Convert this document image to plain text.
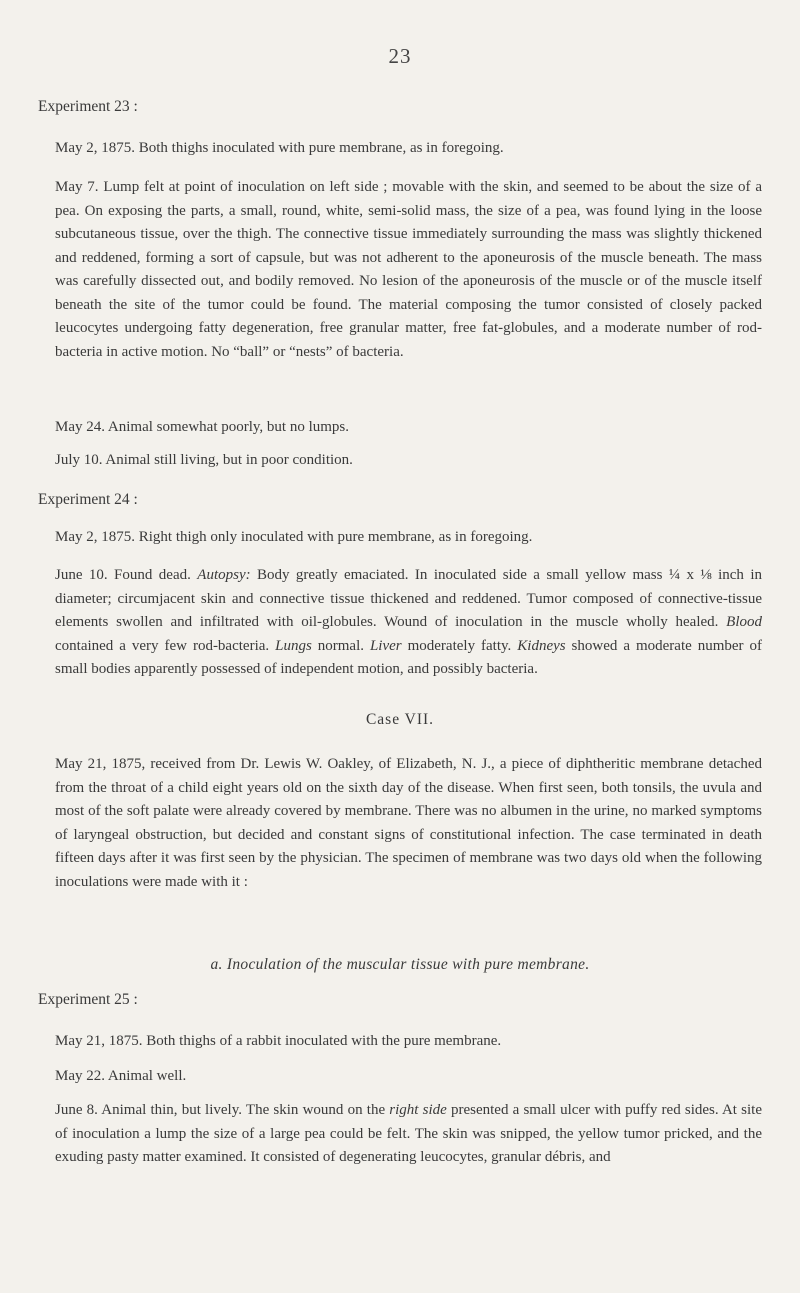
23
Experiment 23 :

May 2, 1875. Both thighs inoculated with pure membrane, as in foregoing.

May 7. Lump felt at point of inoculation on left side ; movable with the skin, and seemed to be about the size of a pea. On exposing the parts, a small, round, white, semi-solid mass, the size of a pea, was found lying in the loose subcutaneous tissue, over the thigh. The connective tissue immediately surrounding the mass was slightly thickened and reddened, forming a sort of capsule, but was not adherent to the aponeurosis of the muscle beneath. The mass was carefully dissected out, and bodily removed. No lesion of the aponeurosis of the muscle or of the muscle itself beneath the site of the tumor could be found. The material composing the tumor consisted of closely packed leucocytes undergoing fatty degeneration, free granular matter, free fat-globules, and a moderate number of rod-bacteria in active motion. No “ball” or “nests” of bacteria.

May 24. Animal somewhat poorly, but no lumps.

July 10. Animal still living, but in poor condition.

Experiment 24 :

May 2, 1875. Right thigh only inoculated with pure membrane, as in foregoing.

June 10. Found dead. Autopsy: Body greatly emaciated. In inoculated side a small yellow mass ¼ x ⅛ inch in diameter; circumjacent skin and connective tissue thickened and reddened. Tumor composed of connective-tissue elements swollen and infiltrated with oil-globules. Wound of inoculation in the muscle wholly healed. Blood contained a very few rod-bacteria. Lungs normal. Liver moderately fatty. Kidneys showed a moderate number of small bodies apparently possessed of independent motion, and possibly bacteria.

Case VII.

May 21, 1875, received from Dr. Lewis W. Oakley, of Elizabeth, N. J., a piece of diphtheritic membrane detached from the throat of a child eight years old on the sixth day of the disease. When first seen, both tonsils, the uvula and most of the soft palate were already covered by membrane. There was no albumen in the urine, no marked symptoms of laryngeal obstruction, but decided and constant signs of constitutional infection. The case terminated in death fifteen days after it was first seen by the physician. The specimen of membrane was two days old when the following inoculations were made with it :

a. Inoculation of the muscular tissue with pure membrane.
Experiment 25 :

May 21, 1875. Both thighs of a rabbit inoculated with the pure membrane.

May 22. Animal well.

June 8. Animal thin, but lively. The skin wound on the right side presented a small ulcer with puffy red sides. At site of inoculation a lump the size of a large pea could be felt. The skin was snipped, the yellow tumor pricked, and the exuding pasty matter examined. It consisted of degenerating leucocytes, granular débris, and
